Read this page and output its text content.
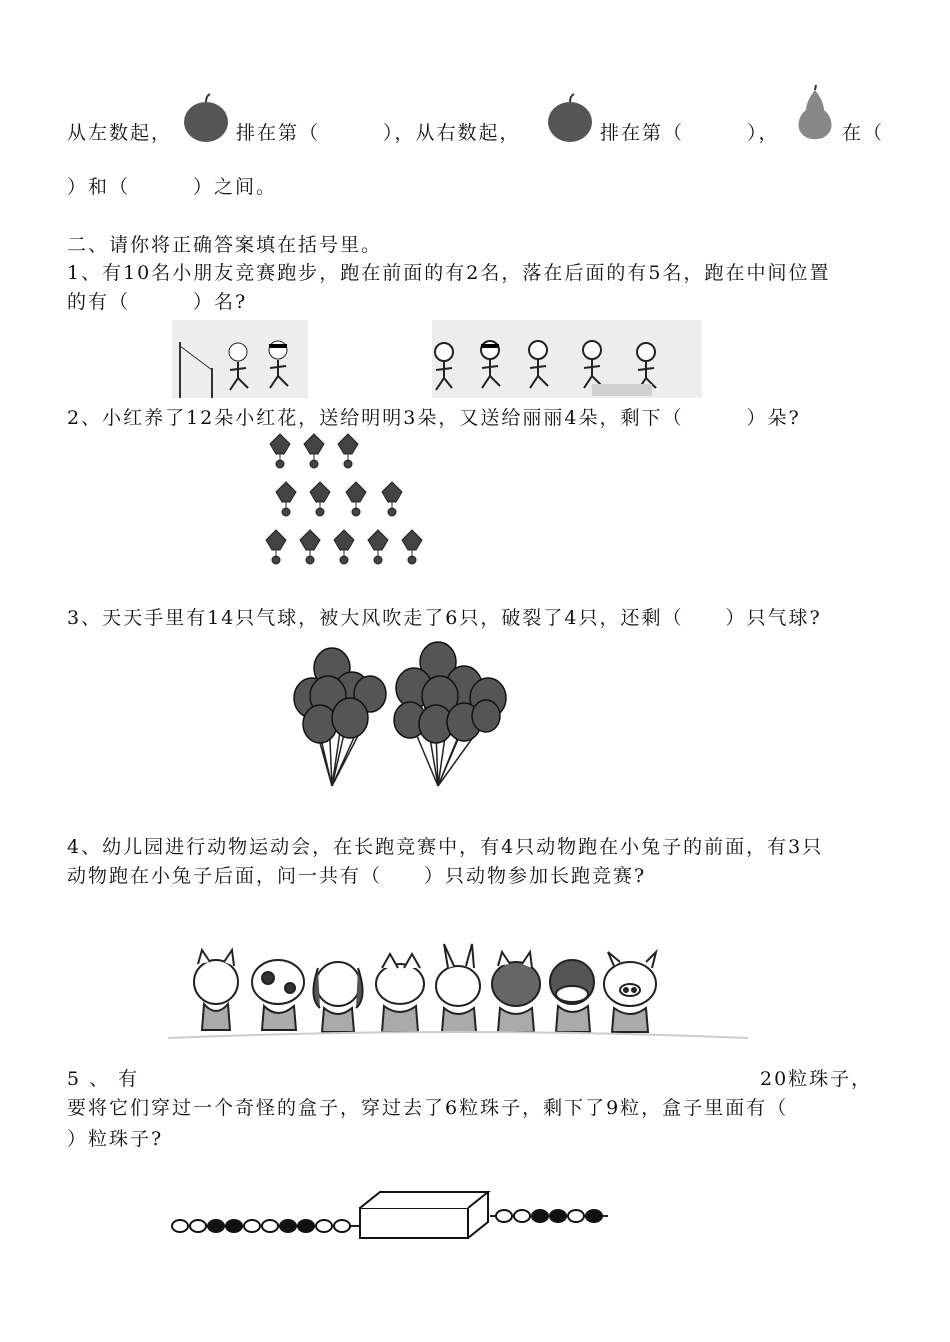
从左数起，	排在第（　　　），从右数起，	排在第（　　　），	在（
）和（　　　）之间。
二、请你将正确答案填在括号里。
1、有10名小朋友竞赛跑步，跑在前面的有2名，落在后面的有5名，跑在中间位置
的有（　　　）名?
2、小红养了12朵小红花，送给明明3朵，又送给丽丽4朵，剩下（　　　）朵?
3、天天手里有14只气球，被大风吹走了6只，破裂了4只，还剩（　　）只气球?
4、幼儿园进行动物运动会，在长跑竞赛中，有4只动物跑在小兔子的前面，有3只
动物跑在小兔子后面，问一共有（　　）只动物参加长跑竞赛?
5 、 有	20粒珠子，
要将它们穿过一个奇怪的盒子，穿过去了6粒珠子，剩下了9粒，盒子里面有（
）粒珠子?
